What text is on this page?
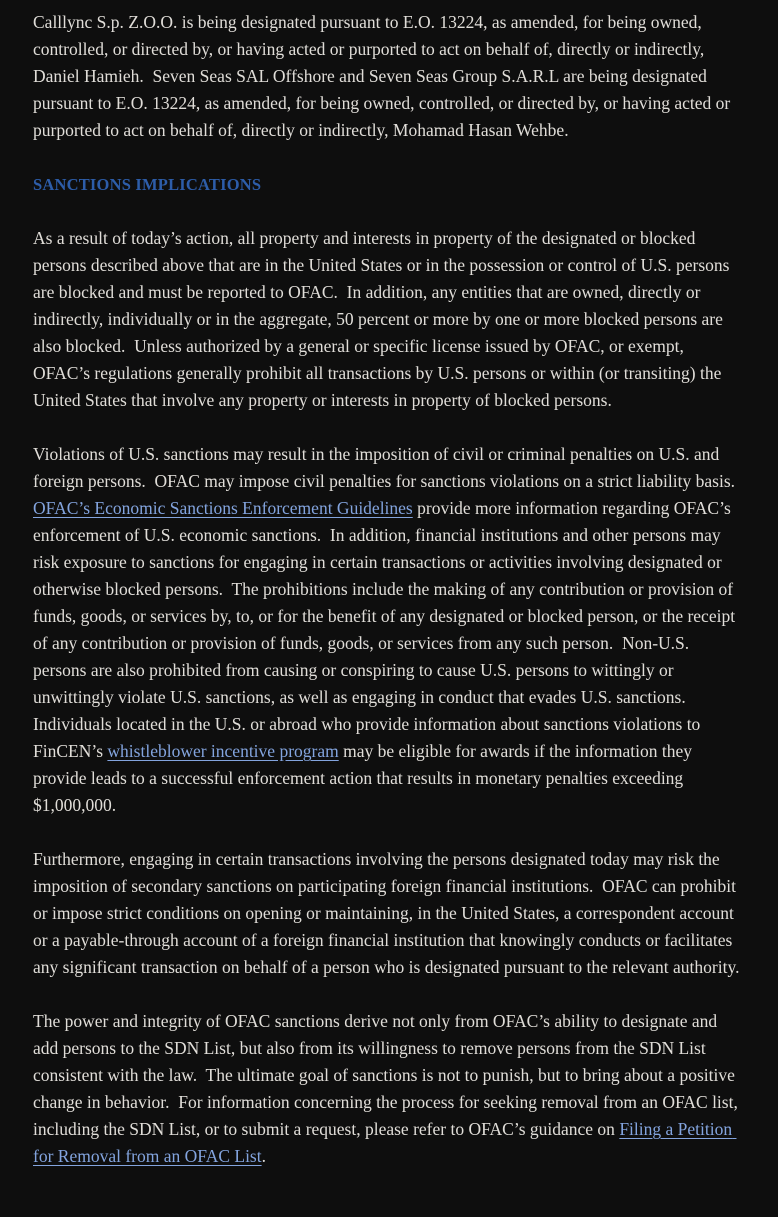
Calllync S.p. Z.O.O. is being designated pursuant to E.O. 13224, as amended, for being owned, controlled, or directed by, or having acted or purported to act on behalf of, directly or indirectly, Daniel Hamieh.  Seven Seas SAL Offshore and Seven Seas Group S.A.R.L are being designated pursuant to E.O. 13224, as amended, for being owned, controlled, or directed by, or having acted or purported to act on behalf of, directly or indirectly, Mohamad Hasan Wehbe.

SANCTIONS IMPLICATIONS

As a result of today’s action, all property and interests in property of the designated or blocked persons described above that are in the United States or in the possession or control of U.S. persons are blocked and must be reported to OFAC.  In addition, any entities that are owned, directly or indirectly, individually or in the aggregate, 50 percent or more by one or more blocked persons are also blocked.  Unless authorized by a general or specific license issued by OFAC, or exempt, OFAC’s regulations generally prohibit all transactions by U.S. persons or within (or transiting) the United States that involve any property or interests in property of blocked persons.

Violations of U.S. sanctions may result in the imposition of civil or criminal penalties on U.S. and foreign persons.  OFAC may impose civil penalties for sanctions violations on a strict liability basis.  OFAC’s Economic Sanctions Enforcement Guidelines provide more information regarding OFAC’s enforcement of U.S. economic sanctions.  In addition, financial institutions and other persons may risk exposure to sanctions for engaging in certain transactions or activities involving designated or otherwise blocked persons.  The prohibitions include the making of any contribution or provision of funds, goods, or services by, to, or for the benefit of any designated or blocked person, or the receipt of any contribution or provision of funds, goods, or services from any such person.  Non-U.S. persons are also prohibited from causing or conspiring to cause U.S. persons to wittingly or unwittingly violate U.S. sanctions, as well as engaging in conduct that evades U.S. sanctions.  Individuals located in the U.S. or abroad who provide information about sanctions violations to FinCEN’s whistleblower incentive program may be eligible for awards if the information they provide leads to a successful enforcement action that results in monetary penalties exceeding $1,000,000.

Furthermore, engaging in certain transactions involving the persons designated today may risk the imposition of secondary sanctions on participating foreign financial institutions.  OFAC can prohibit or impose strict conditions on opening or maintaining, in the United States, a correspondent account or a payable-through account of a foreign financial institution that knowingly conducts or facilitates any significant transaction on behalf of a person who is designated pursuant to the relevant authority.

The power and integrity of OFAC sanctions derive not only from OFAC’s ability to designate and add persons to the SDN List, but also from its willingness to remove persons from the SDN List consistent with the law.  The ultimate goal of sanctions is not to punish, but to bring about a positive change in behavior.  For information concerning the process for seeking removal from an OFAC list, including the SDN List, or to submit a request, please refer to OFAC’s guidance on Filing a Petition for Removal from an OFAC List.
